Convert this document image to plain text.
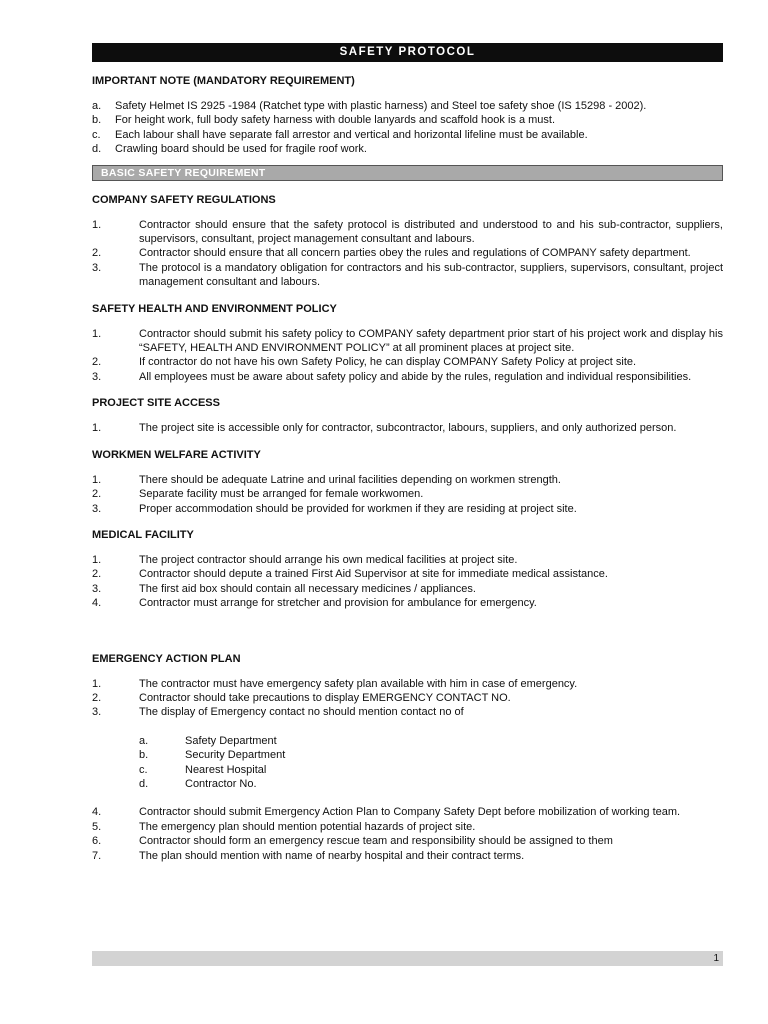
SAFETY PROTOCOL
IMPORTANT NOTE (MANDATORY REQUIREMENT)
a.	Safety Helmet IS 2925 -1984 (Ratchet type with plastic harness) and Steel toe safety shoe (IS 15298 - 2002).
b.	For height work, full body safety harness with double lanyards and scaffold hook is a must.
c.	Each labour shall have separate fall arrestor and vertical and horizontal lifeline must be available.
d.	Crawling board should be used for fragile roof work.
BASIC SAFETY REQUIREMENT
COMPANY SAFETY REGULATIONS
1.	Contractor should ensure that the safety protocol is distributed and understood to and his sub-contractor, suppliers, supervisors, consultant, project management consultant and labours.
2.	Contractor should ensure that all concern parties obey the rules and regulations of COMPANY safety department.
3.	The protocol is a mandatory obligation for contractors and his sub-contractor, suppliers, supervisors, consultant, project management consultant and labours.
SAFETY HEALTH AND ENVIRONMENT POLICY
1.	Contractor should submit his safety policy to COMPANY safety department prior start of his project work and display his “SAFETY, HEALTH AND ENVIRONMENT POLICY” at all prominent places at project site.
2.	If contractor do not have his own Safety Policy, he can display COMPANY Safety Policy at project site.
3.	All employees must be aware about safety policy and abide by the rules, regulation and individual responsibilities.
PROJECT SITE ACCESS
1.	The project site is accessible only for contractor, subcontractor, labours, suppliers, and only authorized person.
WORKMEN WELFARE ACTIVITY
1.	There should be adequate Latrine and urinal facilities depending on workmen strength.
2.	Separate facility must be arranged for female workwomen.
3.	Proper accommodation should be provided for workmen if they are residing at project site.
MEDICAL FACILITY
1.	The project contractor should arrange his own medical facilities at project site.
2.	Contractor should depute a trained First Aid Supervisor at site for immediate medical assistance.
3.	The first aid box should contain all necessary medicines / appliances.
4.	Contractor must arrange for stretcher and provision for ambulance for emergency.
EMERGENCY ACTION PLAN
1.	The contractor must have emergency safety plan available with him in case of emergency.
2.	Contractor should take precautions to display EMERGENCY CONTACT NO.
3.	The display of Emergency contact no should mention contact no of
a.	Safety Department
b.	Security Department
c.	Nearest Hospital
d.	Contractor No.
4.	Contractor should submit Emergency Action Plan to Company Safety Dept before mobilization of working team.
5.	The emergency plan should mention potential hazards of project site.
6.	Contractor should form an emergency rescue team and responsibility should be assigned to them
7.	The plan should mention with name of nearby hospital and their contract terms.
1
